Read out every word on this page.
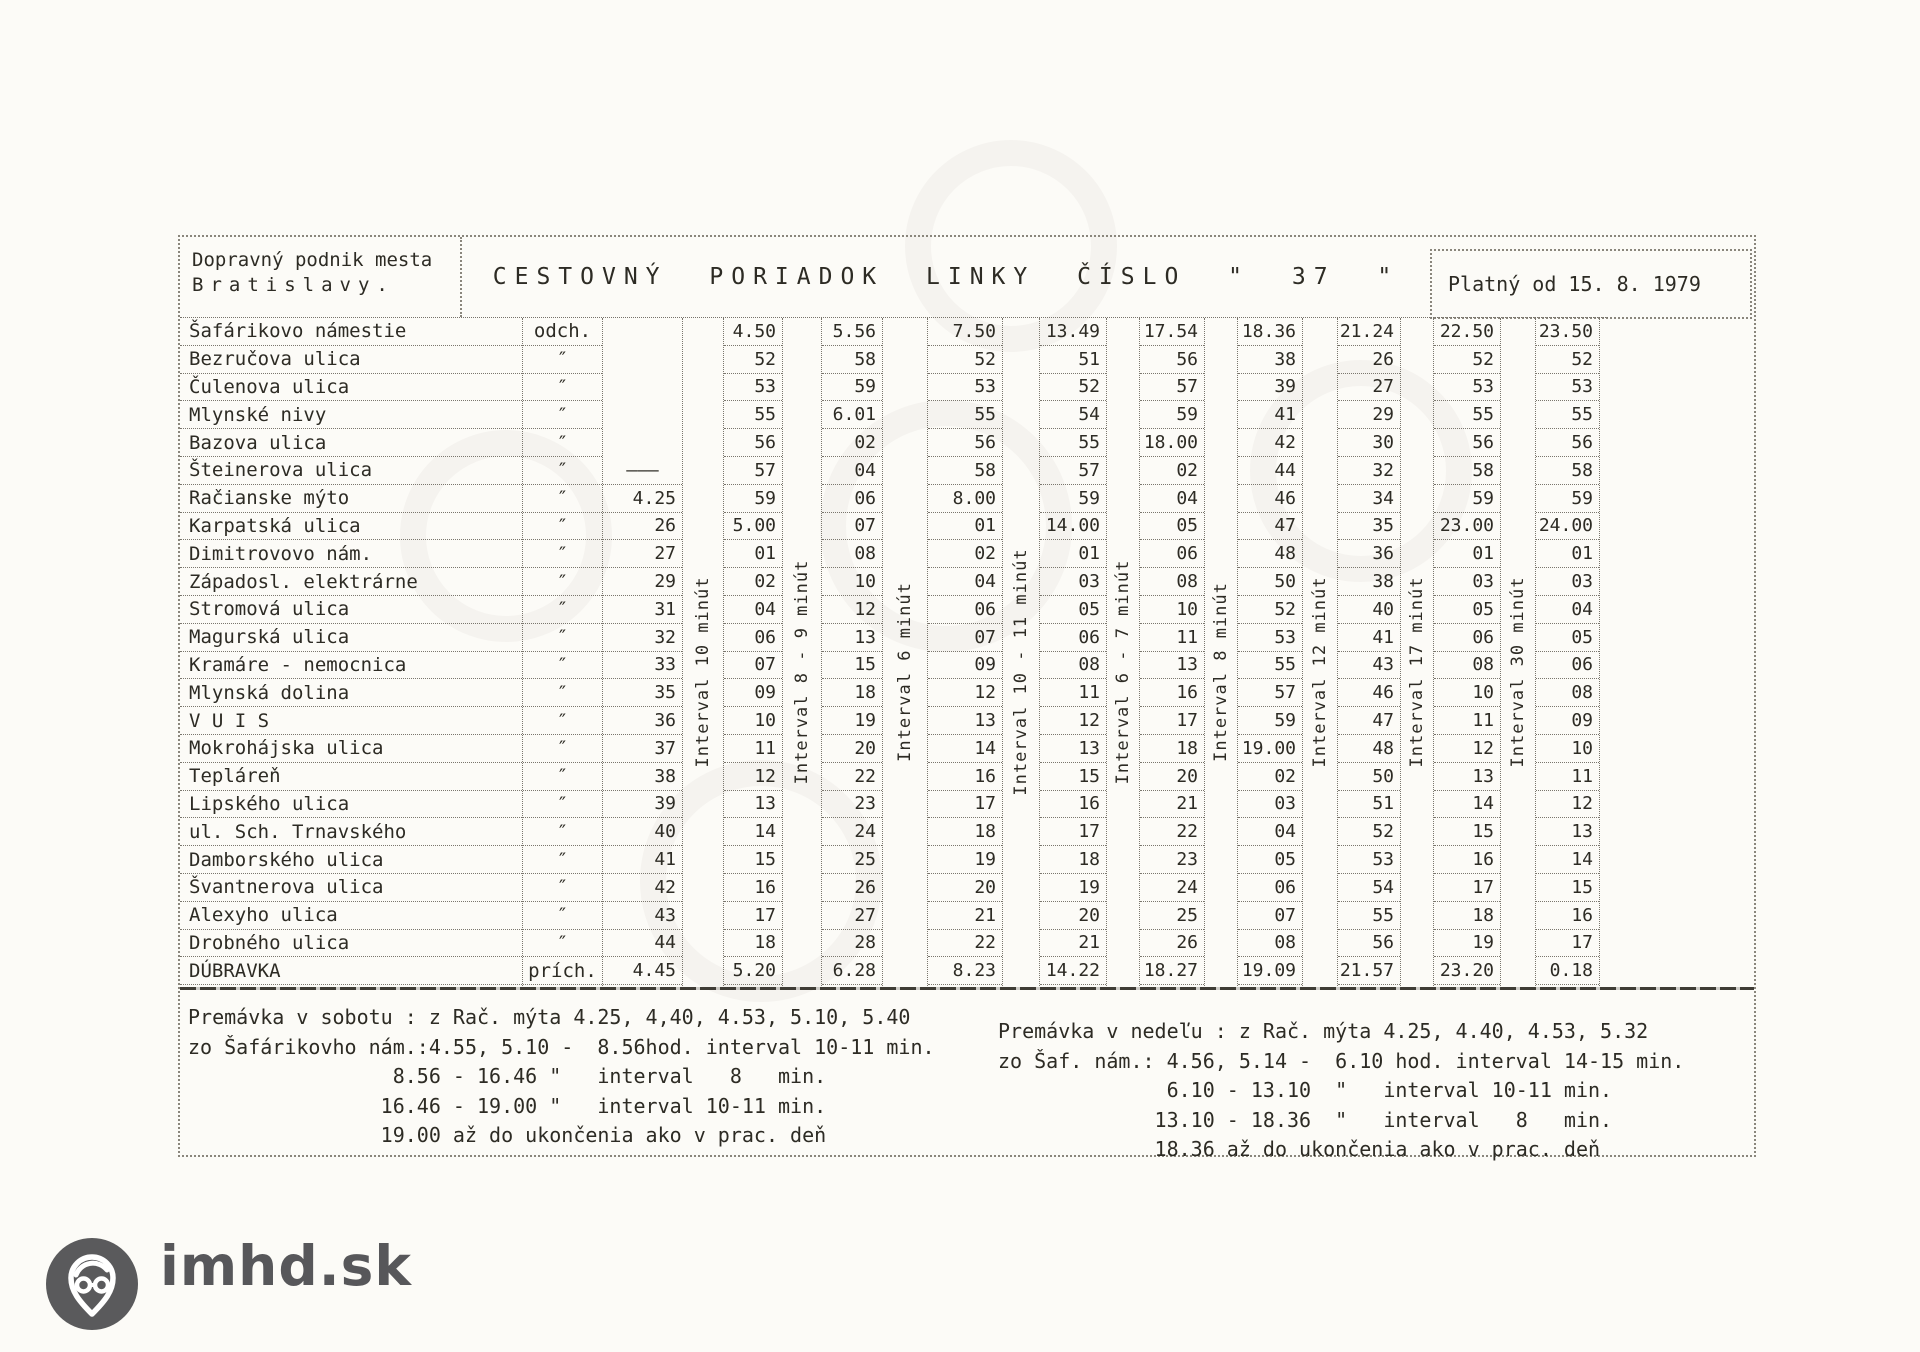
Dopravný podnik mesta
Bratislavy.	CESTOVNÝ PORIADOK LINKY ČÍSLO " 37 "	Platný od 15. 8. 1979
Šafárikovo námestie
Bezručova ulica
Čulenova ulica
Mlynské nivy
Bazova ulica
Šteinerova ulica
Račianske mýto
Karpatská ulica
Dimitrovovo nám.
Západosl. elektrárne
Stromová ulica
Magurská ulica
Kramáre - nemocnica
Mlynská dolina
V U I S
Mokrohájska ulica
Tepláreň
Lipského ulica
ul. Sch. Trnavského
Damborského ulica
Švantnerova ulica
Alexyho ulica
Drobného ulica
DÚBRAVKA
odch.
″
″
″
″
″
″
″
″
″
″
″
″
″
″
″
″
″
″
″
″
″
″
prích.
———
4.25
26
27
29
31
32
33
35
36
37
38
39
40
41
42
43
44
4.45
Interval 10 minút
4.50
52
53
55
56
57
59
5.00
01
02
04
06
07
09
10
11
12
13
14
15
16
17
18
5.20
Interval 8 - 9 minút
5.56
58
59
6.01
02
04
06
07
08
10
12
13
15
18
19
20
22
23
24
25
26
27
28
6.28
Interval 6 minút
7.50
52
53
55
56
58
8.00
01
02
04
06
07
09
12
13
14
16
17
18
19
20
21
22
8.23
Interval 10 - 11 minút
13.49
51
52
54
55
57
59
14.00
01
03
05
06
08
11
12
13
15
16
17
18
19
20
21
14.22
Interval 6 - 7 minút
17.54
56
57
59
18.00
02
04
05
06
08
10
11
13
16
17
18
20
21
22
23
24
25
26
18.27
Interval 8 minút
18.36
38
39
41
42
44
46
47
48
50
52
53
55
57
59
19.00
02
03
04
05
06
07
08
19.09
Interval 12 minút
21.24
26
27
29
30
32
34
35
36
38
40
41
43
46
47
48
50
51
52
53
54
55
56
21.57
Interval 17 minút
22.50
52
53
55
56
58
59
23.00
01
03
05
06
08
10
11
12
13
14
15
16
17
18
19
23.20
Interval 30 minút
23.50
52
53
55
56
58
59
24.00
01
03
04
05
06
08
09
10
11
12
13
14
15
16
17
0.18
Premávka v sobotu : z Rač. mýta 4.25, 4,40, 4.53, 5.10, 5.40
zo Šafárikovho nám.:4.55, 5.10 -  8.56hod. interval 10-11 min.
8.56 - 16.46 "   interval   8   min.
16.46 - 19.00 "   interval 10-11 min.
19.00 až do ukončenia ako v prac. deň
Premávka v nedeľu : z Rač. mýta 4.25, 4.40, 4.53, 5.32
zo Šaf. nám.: 4.56, 5.14 -  6.10 hod. interval 14-15 min.
6.10 - 13.10  "   interval 10-11 min.
13.10 - 18.36  "   interval   8   min.
18.36 až do ukončenia ako v prac. deň
imhd.sk
